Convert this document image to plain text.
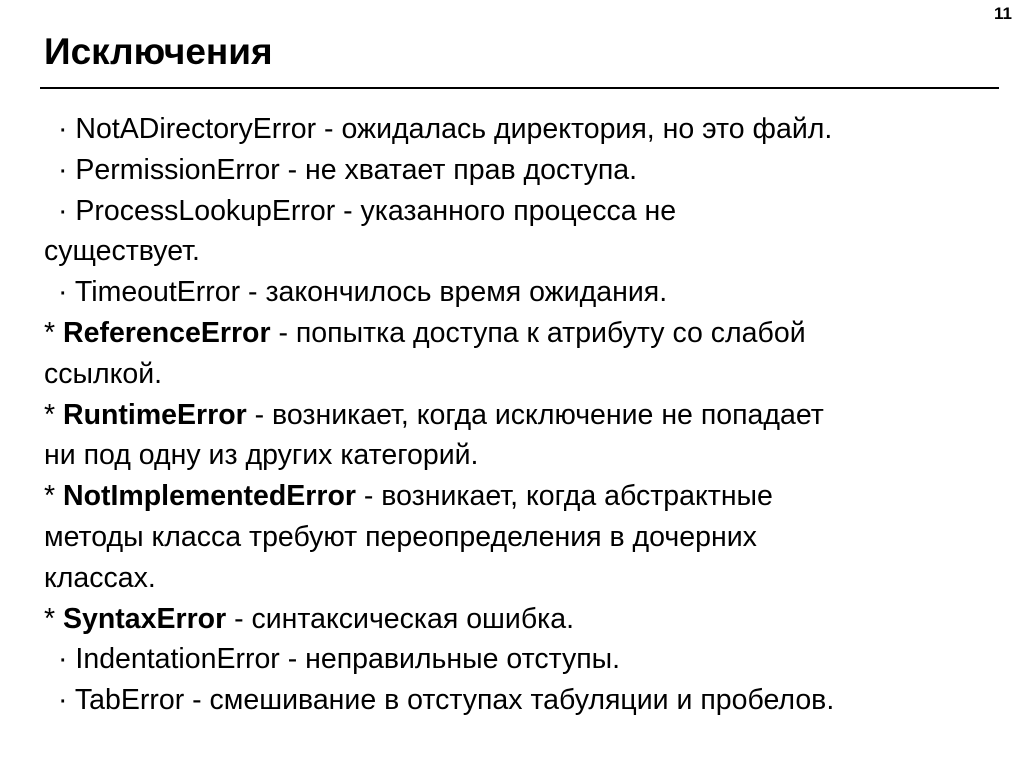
11
Исключения

· NotADirectoryError - ожидалась директория, но это файл.

· PermissionError - не хватает прав доступа.

· ProcessLookupError - указанного процесса не

существует.

· TimeoutError - закончилось время ожидания.

* ReferenceError - попытка доступа к атрибуту со слабой

ссылкой.

* RuntimeError - возникает, когда исключение не попадает

ни под одну из других категорий.

* NotImplementedError - возникает, когда абстрактные

методы класса требуют переопределения в дочерних

классах.

* SyntaxError - синтаксическая ошибка.

· IndentationError - неправильные отступы.

· TabError - смешивание в отступах табуляции и пробелов.
